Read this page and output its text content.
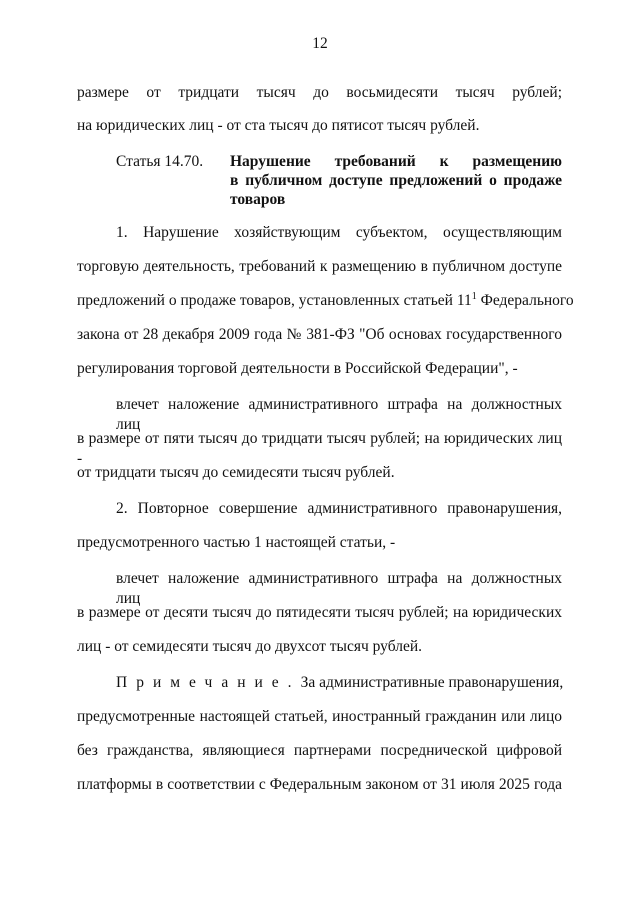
12
размере от тридцати тысяч до восьмидесяти тысяч рублей;
на юридических лиц - от ста тысяч до пятисот тысяч рублей.
Статья 14.70. Нарушение требований к размещению
в публичном доступе предложений о продаже
товаров
1. Нарушение хозяйствующим субъектом, осуществляющим
торговую деятельность, требований к размещению в публичном доступе
предложений о продаже товаров, установленных статьей $11^1$ Федерального
закона от 28 декабря 2009 года № 381-ФЗ "Об основах государственного
регулирования торговой деятельности в Российской Федерации", -
влечет наложение административного штрафа на должностных лиц
в размере от пяти тысяч до тридцати тысяч рублей; на юридических лиц -
от тридцати тысяч до семидесяти тысяч рублей.
2. Повторное совершение административного правонарушения,
предусмотренного частью 1 настоящей статьи, -
влечет наложение административного штрафа на должностных лиц
в размере от десяти тысяч до пятидесяти тысяч рублей; на юридических
лиц - от семидесяти тысяч до двухсот тысяч рублей.
Примечание. За административные правонарушения,
предусмотренные настоящей статьей, иностранный гражданин или лицо
без гражданства, являющиеся партнерами посреднической цифровой
платформы в соответствии с Федеральным законом от 31 июля 2025 года
